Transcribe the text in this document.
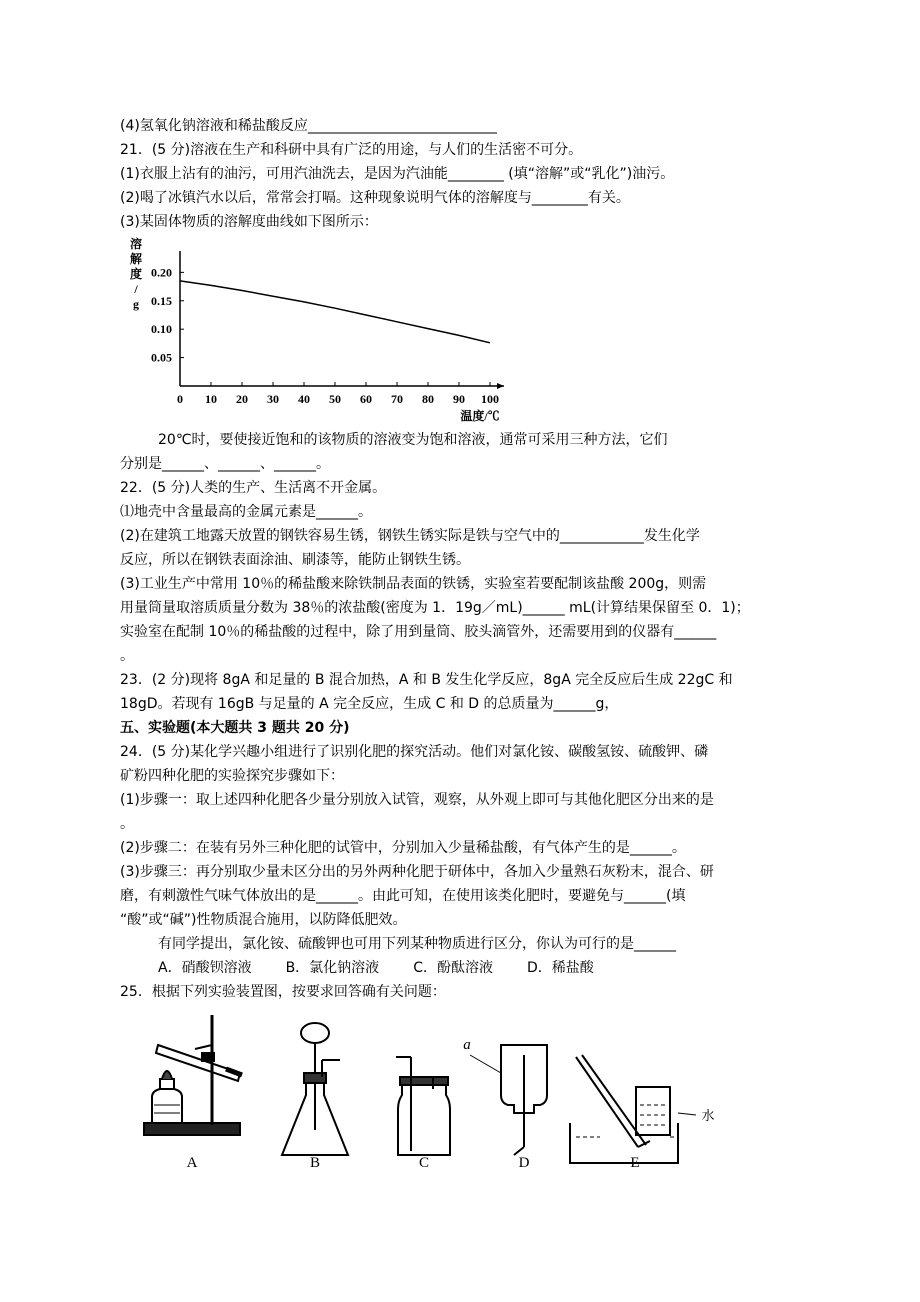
(4)氢氧化钠溶液和稀盐酸反应___________________________
21．(5 分)溶液在生产和科研中具有广泛的用途，与人们的生活密不可分。
(1)衣服上沾有的油污，可用汽油洗去，是因为汽油能________ (填“溶解”或“乳化”)油污。
(2)喝了冰镇汽水以后，常常会打嗝。这种现象说明气体的溶解度与________有关。
(3)某固体物质的溶解度曲线如下图所示：
0 10 20 30 40 50 60 70 80 90 100
0.05
0.10
0.15
0.20
温度/℃
溶
解
度
/
g
20℃时，要使接近饱和的该物质的溶液变为饱和溶液，通常可采用三种方法，它们
分别是______、______、______。
22．(5 分)人类的生产、生活离不开金属。
⑴地壳中含量最高的金属元素是______。
(2)在建筑工地露天放置的钢铁容易生锈，钢铁生锈实际是铁与空气中的____________发生化学
反应，所以在钢铁表面涂油、刷漆等，能防止钢铁生锈。
(3)工业生产中常用 10％的稀盐酸来除铁制品表面的铁锈，实验室若要配制该盐酸 200g，则需
用量筒量取溶质质量分数为 38％的浓盐酸(密度为 1．19g／mL)______ mL(计算结果保留至 0．1)；
实验室在配制 10％的稀盐酸的过程中，除了用到量筒、胶头滴管外，还需要用到的仪器有______
。
23．(2 分)现将 8gA 和足量的 B 混合加热，A 和 B 发生化学反应，8gA 完全反应后生成 22gC 和
18gD。若现有 16gB 与足量的 A 完全反应，生成 C 和 D 的总质量为______g，
五、实验题(本大题共 3 题共 20 分)
24．(5 分)某化学兴趣小组进行了识别化肥的探究活动。他们对氯化铵、碳酸氢铵、硫酸钾、磷
矿粉四种化肥的实验探究步骤如下：
(1)步骤一：取上述四种化肥各少量分别放入试管，观察，从外观上即可与其他化肥区分出来的是
。
(2)步骤二：在装有另外三种化肥的试管中，分别加入少量稀盐酸，有气体产生的是______。
(3)步骤三：再分别取少量未区分出的另外两种化肥于研体中，各加入少量熟石灰粉末，混合、研
磨，有刺激性气味气体放出的是______。由此可知，在使用该类化肥时，要避免与______(填
“酸”或“碱”)性物质混合施用，以防降低肥效。
有同学提出，氯化铵、硫酸钾也可用下列某种物质进行区分，你认为可行的是______
A．硝酸钡溶液 B．氯化钠溶液 C．酚酞溶液 D．稀盐酸
25．根据下列实验装置图，按要求回答确有关问题：
A	B	C	D	E
a
水
